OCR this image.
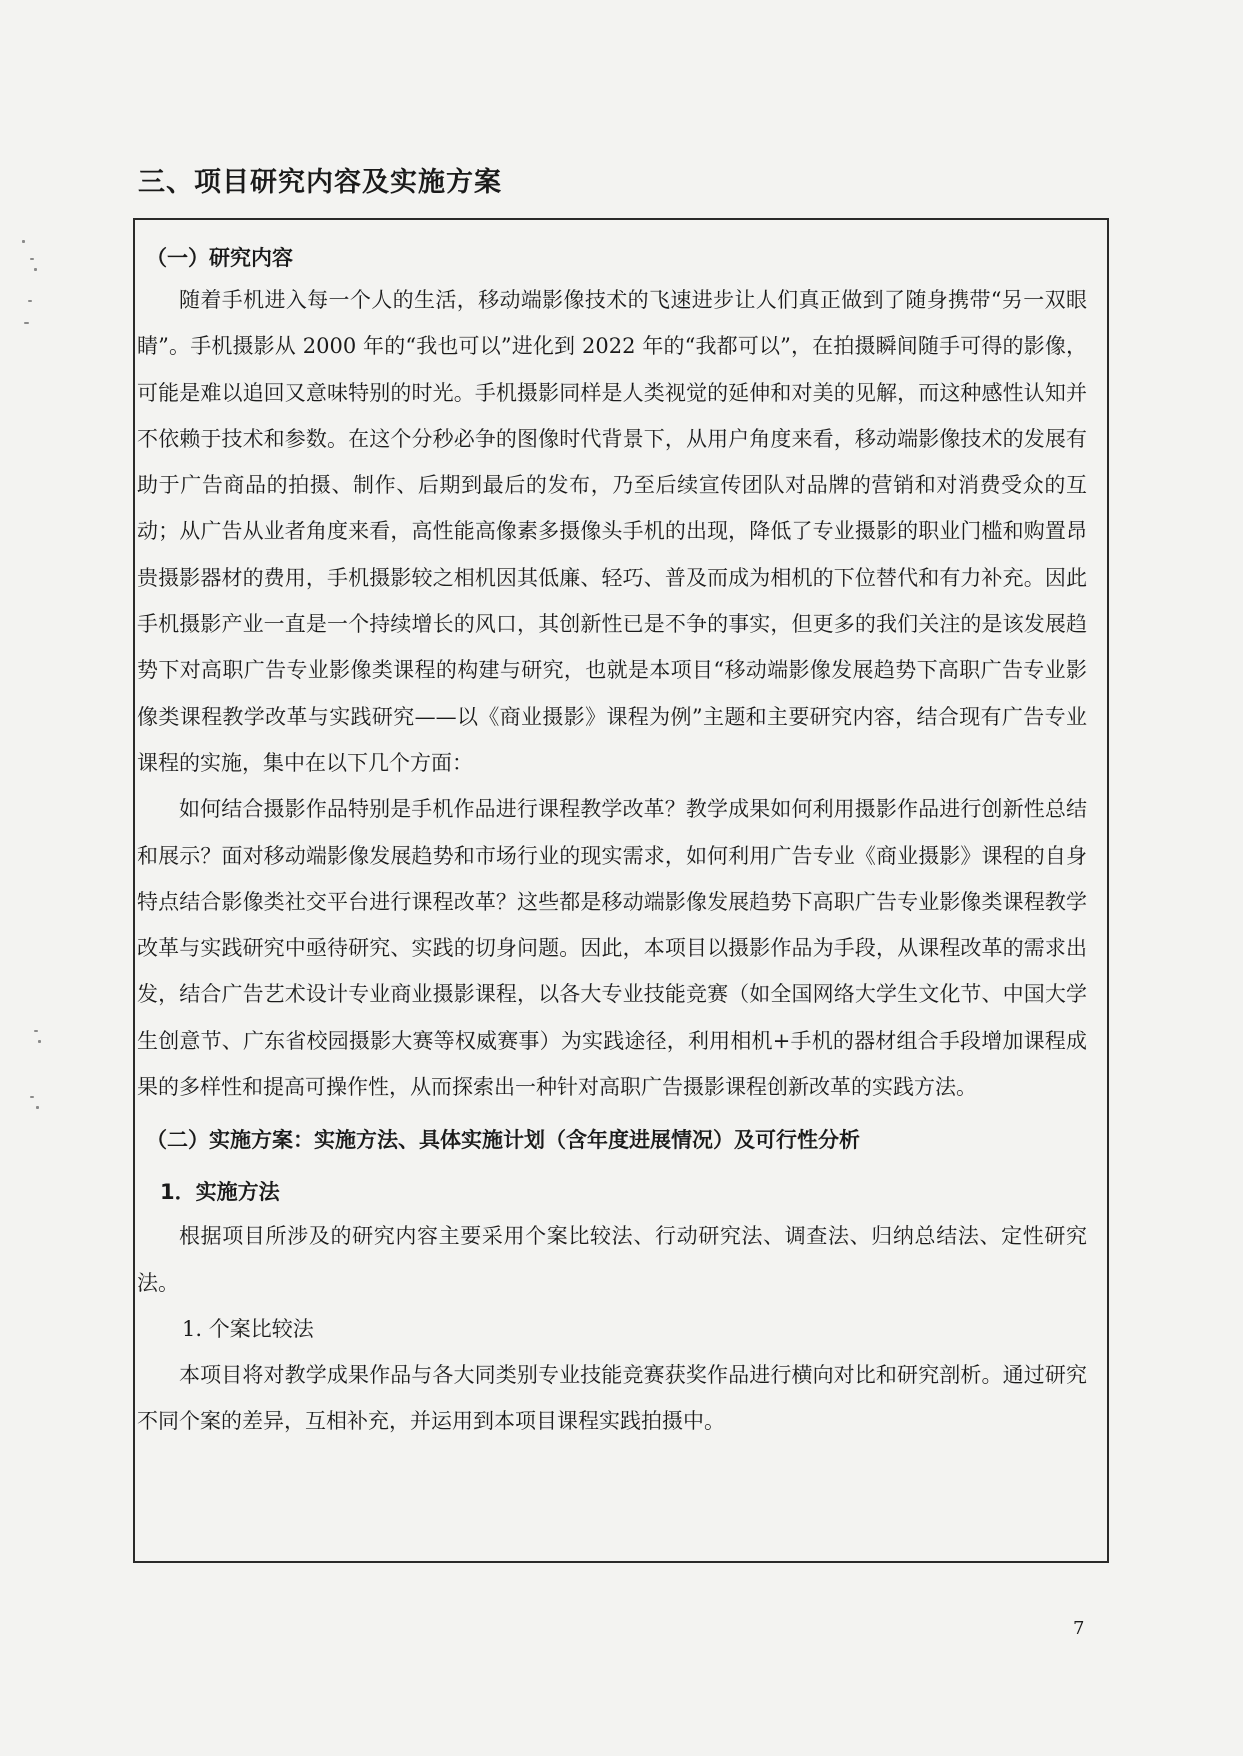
三、项目研究内容及实施方案

（一）研究内容

随着手机进入每一个人的生活，移动端影像技术的飞速进步让人们真正做到了随身携带“另一双眼睛”。手机摄影从 2000 年的“我也可以”进化到 2022 年的“我都可以”，在拍摄瞬间随手可得的影像，可能是难以追回又意味特别的时光。手机摄影同样是人类视觉的延伸和对美的见解，而这种感性认知并不依赖于技术和参数。在这个分秒必争的图像时代背景下，从用户角度来看，移动端影像技术的发展有助于广告商品的拍摄、制作、后期到最后的发布，乃至后续宣传团队对品牌的营销和对消费受众的互动；从广告从业者角度来看，高性能高像素多摄像头手机的出现，降低了专业摄影的职业门槛和购置昂贵摄影器材的费用，手机摄影较之相机因其低廉、轻巧、普及而成为相机的下位替代和有力补充。因此手机摄影产业一直是一个持续增长的风口，其创新性已是不争的事实，但更多的我们关注的是该发展趋势下对高职广告专业影像类课程的构建与研究，也就是本项目“移动端影像发展趋势下高职广告专业影像类课程教学改革与实践研究——以《商业摄影》课程为例”主题和主要研究内容，结合现有广告专业课程的实施，集中在以下几个方面：

如何结合摄影作品特别是手机作品进行课程教学改革？教学成果如何利用摄影作品进行创新性总结和展示？面对移动端影像发展趋势和市场行业的现实需求，如何利用广告专业《商业摄影》课程的自身特点结合影像类社交平台进行课程改革？这些都是移动端影像发展趋势下高职广告专业影像类课程教学改革与实践研究中亟待研究、实践的切身问题。因此，本项目以摄影作品为手段，从课程改革的需求出发，结合广告艺术设计专业商业摄影课程，以各大专业技能竞赛（如全国网络大学生文化节、中国大学生创意节、广东省校园摄影大赛等权威赛事）为实践途径，利用相机+手机的器材组合手段增加课程成果的多样性和提高可操作性，从而探索出一种针对高职广告摄影课程创新改革的实践方法。

（二）实施方案：实施方法、具体实施计划（含年度进展情况）及可行性分析

1．实施方法

根据项目所涉及的研究内容主要采用个案比较法、行动研究法、调查法、归纳总结法、定性研究法。

1. 个案比较法

本项目将对教学成果作品与各大同类别专业技能竞赛获奖作品进行横向对比和研究剖析。通过研究不同个案的差异，互相补充，并运用到本项目课程实践拍摄中。

7
